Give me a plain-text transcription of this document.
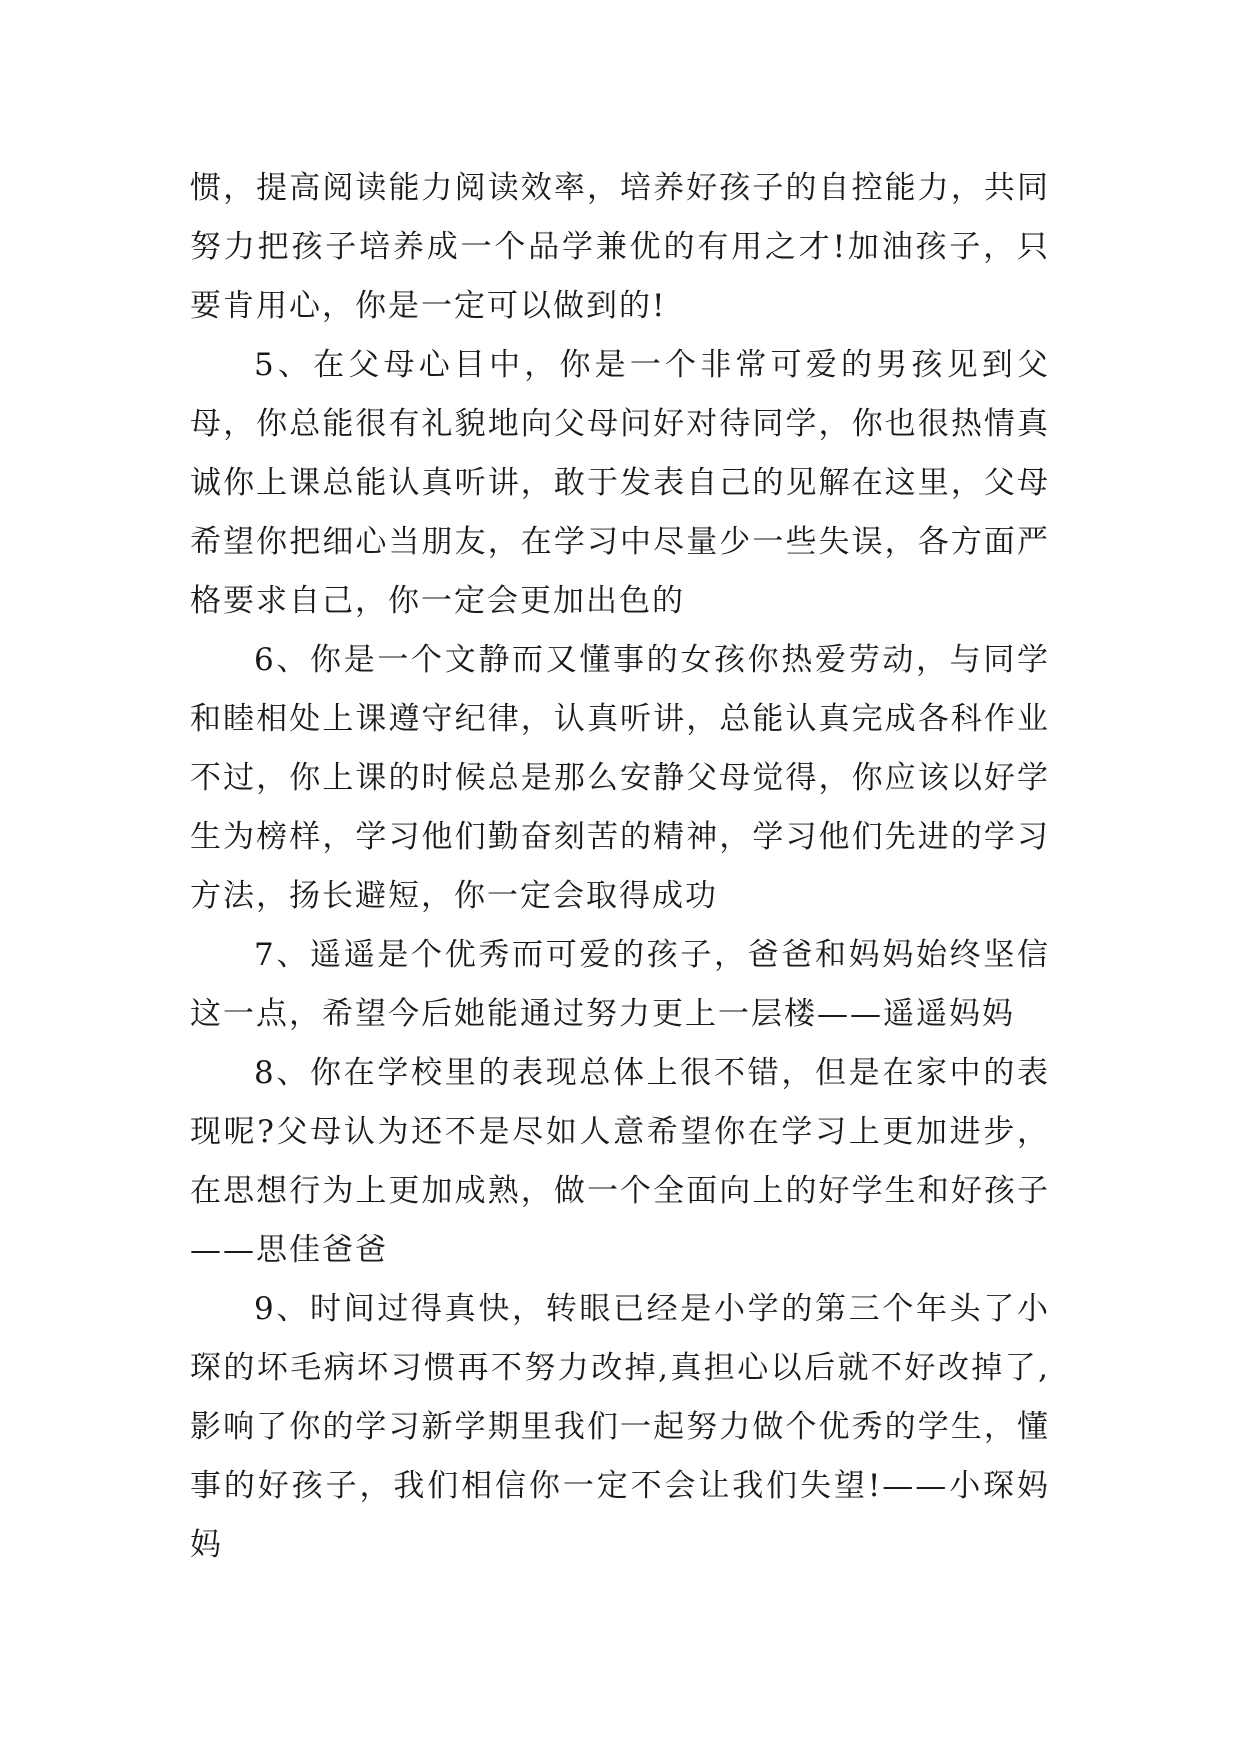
惯，提高阅读能力阅读效率，培养好孩子的自控能力，共同努力把孩子培养成一个品学兼优的有用之才!加油孩子，只要肯用心，你是一定可以做到的!

5、在父母心目中，你是一个非常可爱的男孩见到父母，你总能很有礼貌地向父母问好对待同学，你也很热情真诚你上课总能认真听讲，敢于发表自己的见解在这里，父母希望你把细心当朋友，在学习中尽量少一些失误，各方面严格要求自己，你一定会更加出色的

6、你是一个文静而又懂事的女孩你热爱劳动，与同学和睦相处上课遵守纪律，认真听讲，总能认真完成各科作业不过，你上课的时候总是那么安静父母觉得，你应该以好学生为榜样，学习他们勤奋刻苦的精神，学习他们先进的学习方法，扬长避短，你一定会取得成功

7、遥遥是个优秀而可爱的孩子，爸爸和妈妈始终坚信这一点，希望今后她能通过努力更上一层楼——遥遥妈妈

8、你在学校里的表现总体上很不错，但是在家中的表现呢?父母认为还不是尽如人意希望你在学习上更加进步，在思想行为上更加成熟，做一个全面向上的好学生和好孩子——思佳爸爸

9、时间过得真快，转眼已经是小学的第三个年头了小琛的坏毛病坏习惯再不努力改掉,真担心以后就不好改掉了,影响了你的学习新学期里我们一起努力做个优秀的学生，懂事的好孩子，我们相信你一定不会让我们失望!——小琛妈妈
